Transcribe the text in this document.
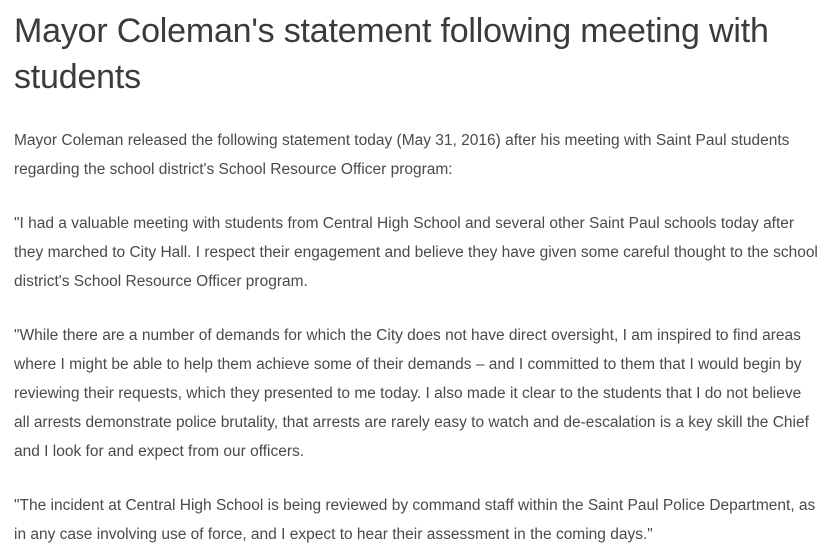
Mayor Coleman's statement following meeting with students

Mayor Coleman released the following statement today (May 31, 2016) after his meeting with Saint Paul students regarding the school district's School Resource Officer program:

"I had a valuable meeting with students from Central High School and several other Saint Paul schools today after they marched to City Hall. I respect their engagement and believe they have given some careful thought to the school district's School Resource Officer program.

"While there are a number of demands for which the City does not have direct oversight, I am inspired to find areas where I might be able to help them achieve some of their demands – and I committed to them that I would begin by reviewing their requests, which they presented to me today. I also made it clear to the students that I do not believe all arrests demonstrate police brutality, that arrests are rarely easy to watch and de-escalation is a key skill the Chief and I look for and expect from our officers.

"The incident at Central High School is being reviewed by command staff within the Saint Paul Police Department, as in any case involving use of force, and I expect to hear their assessment in the coming days."
